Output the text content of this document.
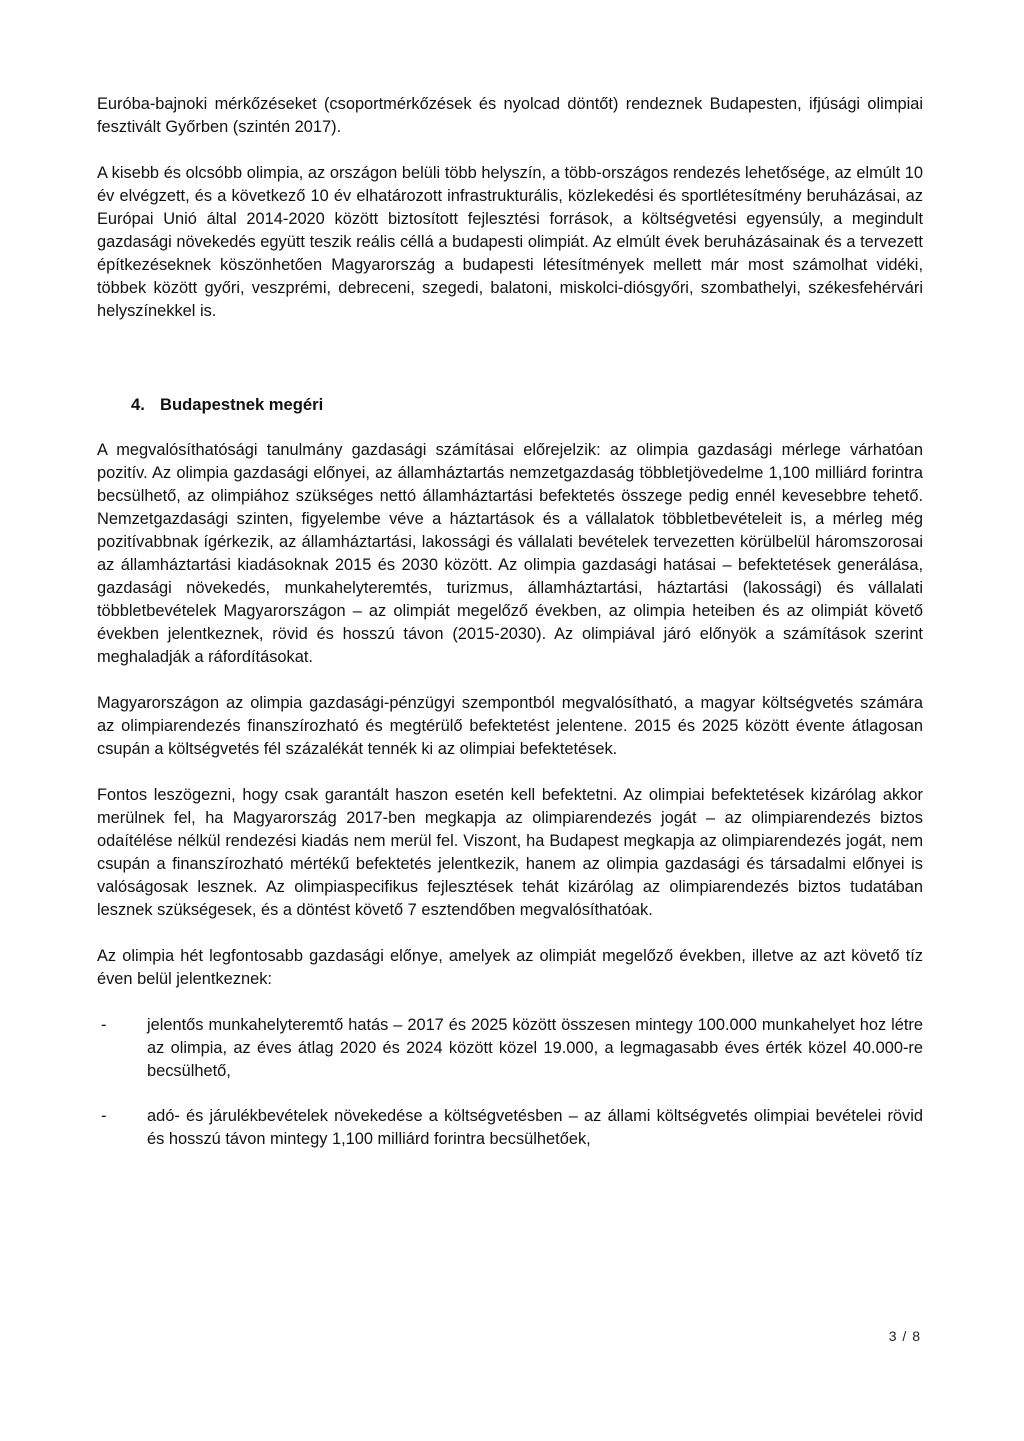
Euróba-bajnoki mérkőzéseket (csoportmérkőzések és nyolcad döntőt) rendeznek Budapesten, ifjúsági olimpiai fesztivált Győrben (szintén 2017).

A kisebb és olcsóbb olimpia, az országon belüli több helyszín, a több-országos rendezés lehetősége, az elmúlt 10 év elvégzett, és a következő 10 év elhatározott infrastrukturális, közlekedési és sportlétesítmény beruházásai, az Európai Unió által 2014-2020 között biztosított fejlesztési források, a költségvetési egyensúly, a megindult gazdasági növekedés együtt teszik reális céllá a budapesti olimpiát. Az elmúlt évek beruházásainak és a tervezett építkezéseknek köszönhetően Magyarország a budapesti létesítmények mellett már most számolhat vidéki, többek között győri, veszprémi, debreceni, szegedi, balatoni, miskolci-diósgyőri, szombathelyi, székesfehérvári helyszínekkel is.

4. Budapestnek megéri

A megvalósíthatósági tanulmány gazdasági számításai előrejelzik: az olimpia gazdasági mérlege várhatóan pozitív. Az olimpia gazdasági előnyei, az államháztartás nemzetgazdaság többletjövedelme 1,100 milliárd forintra becsülhető, az olimpiához szükséges nettó államháztartási befektetés összege pedig ennél kevesebbre tehető. Nemzetgazdasági szinten, figyelembe véve a háztartások és a vállalatok többletbevételeit is, a mérleg még pozitívabbnak ígérkezik, az államháztartási, lakossági és vállalati bevételek tervezetten körülbelül háromszorosai az államháztartási kiadásoknak 2015 és 2030 között. Az olimpia gazdasági hatásai – befektetések generálása, gazdasági növekedés, munkahelyteremtés, turizmus, államháztartási, háztartási (lakossági) és vállalati többletbevételek Magyarországon – az olimpiát megelőző években, az olimpia heteiben és az olimpiát követő években jelentkeznek, rövid és hosszú távon (2015-2030). Az olimpiával járó előnyök a számítások szerint meghaladják a ráfordításokat.

Magyarországon az olimpia gazdasági-pénzügyi szempontból megvalósítható, a magyar költségvetés számára az olimpiarendezés finanszírozható és megtérülő befektetést jelentene. 2015 és 2025 között évente átlagosan csupán a költségvetés fél százalékát tennék ki az olimpiai befektetések.

Fontos leszögezni, hogy csak garantált haszon esetén kell befektetni. Az olimpiai befektetések kizárólag akkor merülnek fel, ha Magyarország 2017-ben megkapja az olimpiarendezés jogát – az olimpiarendezés biztos odaítélése nélkül rendezési kiadás nem merül fel. Viszont, ha Budapest megkapja az olimpiarendezés jogát, nem csupán a finanszírozható mértékű befektetés jelentkezik, hanem az olimpia gazdasági és társadalmi előnyei is valóságosak lesznek. Az olimpiaspecifikus fejlesztések tehát kizárólag az olimpiarendezés biztos tudatában lesznek szükségesek, és a döntést követő 7 esztendőben megvalósíthatóak.

Az olimpia hét legfontosabb gazdasági előnye, amelyek az olimpiát megelőző években, illetve az azt követő tíz éven belül jelentkeznek:

-	jelentős munkahelyteremtő hatás – 2017 és 2025 között összesen mintegy 100.000 munkahelyet hoz létre az olimpia, az éves átlag 2020 és 2024 között közel 19.000, a legmagasabb éves érték közel 40.000-re becsülhető,
-	adó- és járulékbevételek növekedése a költségvetésben – az állami költségvetés olimpiai bevételei rövid és hosszú távon mintegy 1,100 milliárd forintra becsülhetőek,
3 / 8
